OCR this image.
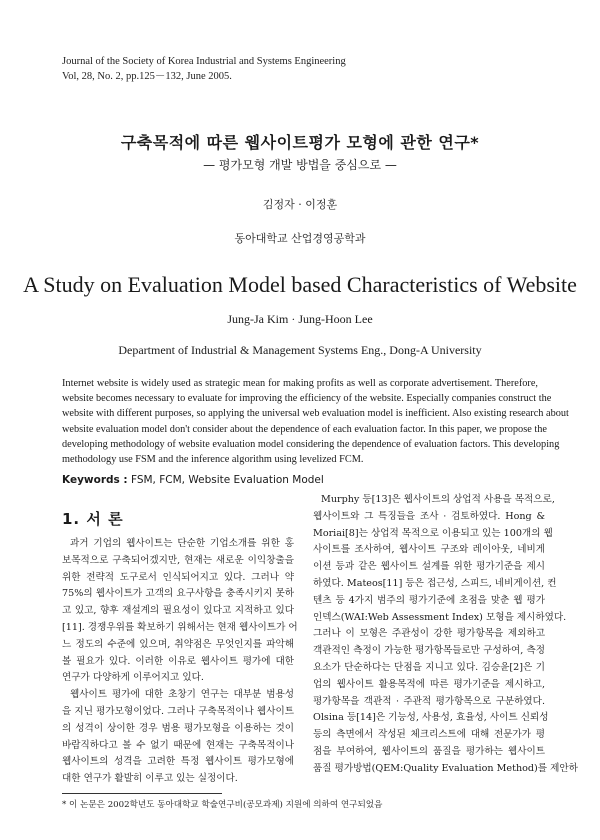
Journal of the Society of Korea Industrial and Systems Engineering
Vol, 28, No. 2, pp.125－132, June 2005.
구축목적에 따른 웹사이트평가 모형에 관한 연구*
— 평가모형 개발 방법을 중심으로 —
김정자 · 이정훈
동아대학교 산업경영공학과
A Study on Evaluation Model based Characteristics of Website
Jung-Ja Kim · Jung-Hoon Lee
Department of Industrial & Management Systems Eng., Dong-A University
Internet website is widely used as strategic mean for making profits as well as corporate advertisement. Therefore,
website becomes necessary to evaluate for improving the efficiency of the website. Especially companies construct the
website with different purposes, so applying the universal web evaluation model is inefficient. Also existing research about
website evaluation model don't consider about the dependence of each evaluation factor. In this paper, we propose the
developing methodology of website evaluation model considering the dependence of evaluation factors. This developing
methodology use FSM and the inference algorithm using levelized FCM.
Keywords : FSM, FCM, Website Evaluation Model
1. 서 론
과거 기업의 웹사이트는 단순한 기업소개를 위한 홍
보목적으로 구축되어겠지만, 현재는 새로운 이익창출을
위한 전략적 도구로서 인식되어지고 있다. 그러나 약
75%의 웹사이트가 고객의 요구사항을 충족시키지 못하
고 있고, 향후 재설계의 필요성이 있다고 지적하고 있다
[11]. 경쟁우위를 확보하기 위해서는 현재 웹사이트가 어
느 정도의 수준에 있으며, 취약점은 무엇인지를 파악해
볼 필요가 있다. 이러한 이유로 웹사이트 평가에 대한
연구가 다양하게 이루어지고 있다.
웹사이트 평가에 대한 초창기 연구는 대부분 범용성
을 지닌 평가모형이었다. 그러나 구축목적이나 웹사이트
의 성격이 상이한 경우 범용 평가모형을 이용하는 것이
바람직하다고 볼 수 없기 때문에 현재는 구축목적이나
웹사이트의 성격을 고려한 특정 웹사이트 평가모형에
대한 연구가 활발히 이루고 있는 실정이다.
Murphy 등[13]은 웹사이트의 상업적 사용을 목적으로,
웹사이트와 그 특징들을 조사 · 검토하였다. Hong &
Moriai[8]는 상업적 목적으로 이용되고 있는 100개의 웹
사이트를 조사하여, 웹사이트 구조와 레이아웃, 네비게
이션 등과 같은 웹사이트 설계를 위한 평가기준을 제시
하였다. Mateos[11] 등은 접근성, 스피드, 네비게이션, 컨
텐츠 등 4가지 범주의 평가기준에 초점을 맞춘 웹 평가
인덱스(WAI:Web Assessment Index) 모형을 제시하였다.
그러나 이 모형은 주관성이 강한 평가항목을 제외하고
객관적인 측정이 가능한 평가항목들로만 구성하여, 측정
요소가 단순하다는 단점을 지니고 있다. 김승윤[2]은 기
업의 웹사이트 활용목적에 따른 평가기준을 제시하고,
평가항목을 객관적 · 주관적 평가항목으로 구분하였다.
Olsina 등[14]은 기능성, 사용성, 효율성, 사이트 신뢰성
등의 측면에서 작성된 체크리스트에 대해 전문가가 평
점을 부여하여, 웹사이트의 품질을 평가하는 웹사이트
품질 평가방법(QEM:Quality Evaluation Method)를 제안하
* 이 논문은 2002학년도 동아대학교 학술연구비(공모과제) 지원에 의하여 연구되었음
